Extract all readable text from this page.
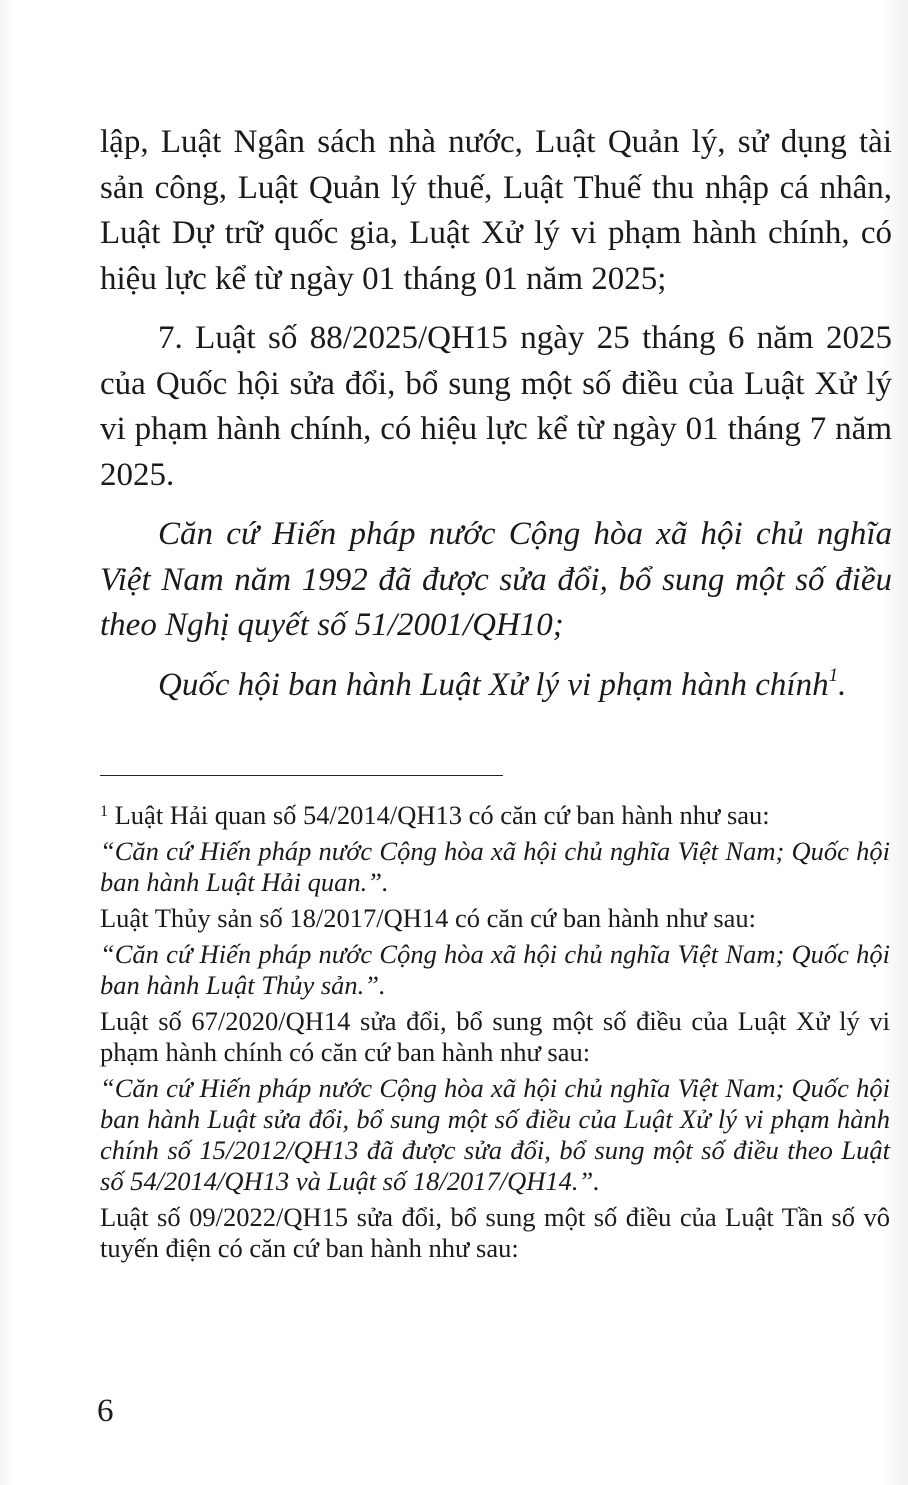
lập, Luật Ngân sách nhà nước, Luật Quản lý, sử dụng tài sản công, Luật Quản lý thuế, Luật Thuế thu nhập cá nhân, Luật Dự trữ quốc gia, Luật Xử lý vi phạm hành chính, có hiệu lực kể từ ngày 01 tháng 01 năm 2025;

7. Luật số 88/2025/QH15 ngày 25 tháng 6 năm 2025 của Quốc hội sửa đổi, bổ sung một số điều của Luật Xử lý vi phạm hành chính, có hiệu lực kể từ ngày 01 tháng 7 năm 2025.

Căn cứ Hiến pháp nước Cộng hòa xã hội chủ nghĩa Việt Nam năm 1992 đã được sửa đổi, bổ sung một số điều theo Nghị quyết số 51/2001/QH10;

Quốc hội ban hành Luật Xử lý vi phạm hành chính$^1$.

$^1$ Luật Hải quan số 54/2014/QH13 có căn cứ ban hành như sau:

“Căn cứ Hiến pháp nước Cộng hòa xã hội chủ nghĩa Việt Nam; Quốc hội ban hành Luật Hải quan.”.

Luật Thủy sản số 18/2017/QH14 có căn cứ ban hành như sau:

“Căn cứ Hiến pháp nước Cộng hòa xã hội chủ nghĩa Việt Nam; Quốc hội ban hành Luật Thủy sản.”.

Luật số 67/2020/QH14 sửa đổi, bổ sung một số điều của Luật Xử lý vi phạm hành chính có căn cứ ban hành như sau:

“Căn cứ Hiến pháp nước Cộng hòa xã hội chủ nghĩa Việt Nam; Quốc hội ban hành Luật sửa đổi, bổ sung một số điều của Luật Xử lý vi phạm hành chính số 15/2012/QH13 đã được sửa đổi, bổ sung một số điều theo Luật số 54/2014/QH13 và Luật số 18/2017/QH14.”.

Luật số 09/2022/QH15 sửa đổi, bổ sung một số điều của Luật Tần số vô tuyến điện có căn cứ ban hành như sau:

6
